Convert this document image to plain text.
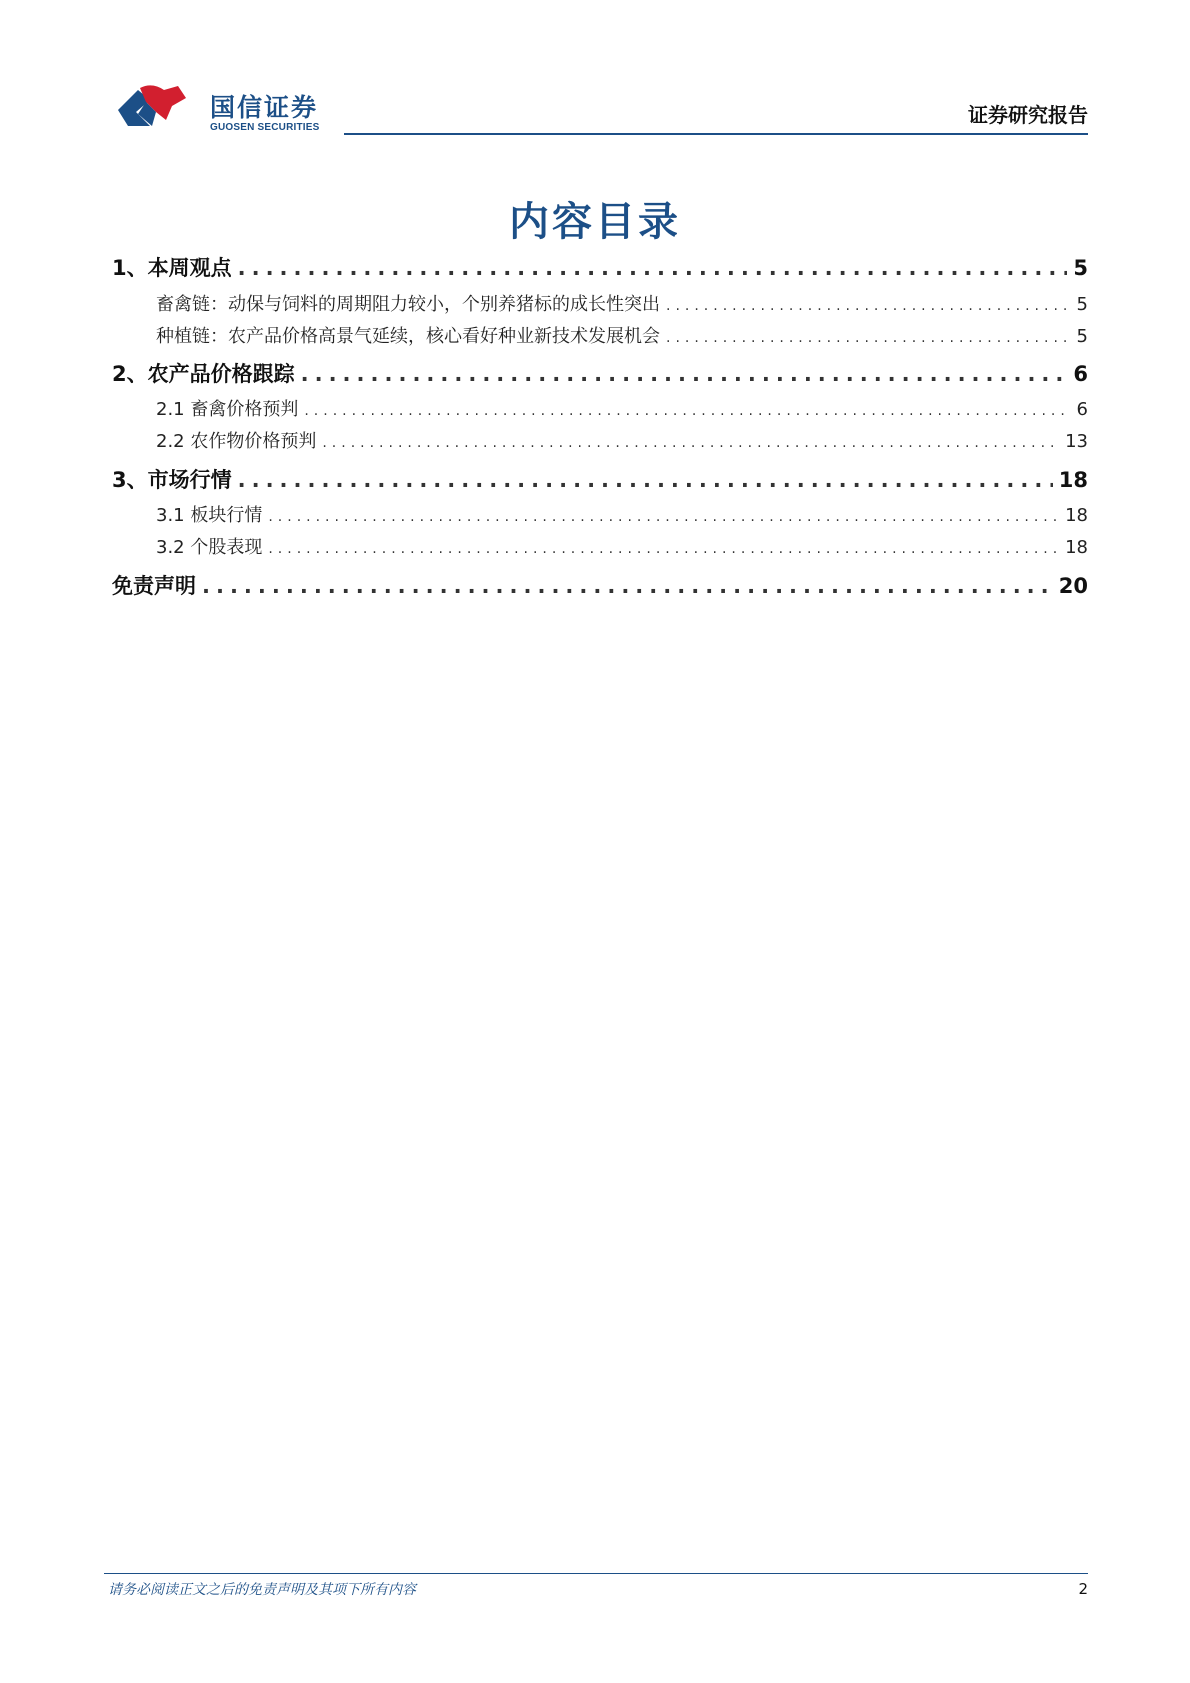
国信证券
GUOSEN SECURITIES
证券研究报告
内容目录
1、本周观点 .....	5
畜禽链：动保与饲料的周期阻力较小，个别养猪标的成长性突出 .....	5
种植链：农产品价格高景气延续，核心看好种业新技术发展机会 .....	5
2、农产品价格跟踪 .....	6
2.1 畜禽价格预判 .....	6
2.2 农作物价格预判 .....	13
3、市场行情 .....	18
3.1 板块行情 .....	18
3.2 个股表现 .....	18
免责声明 .....	20
请务必阅读正文之后的免责声明及其项下所有内容	2
